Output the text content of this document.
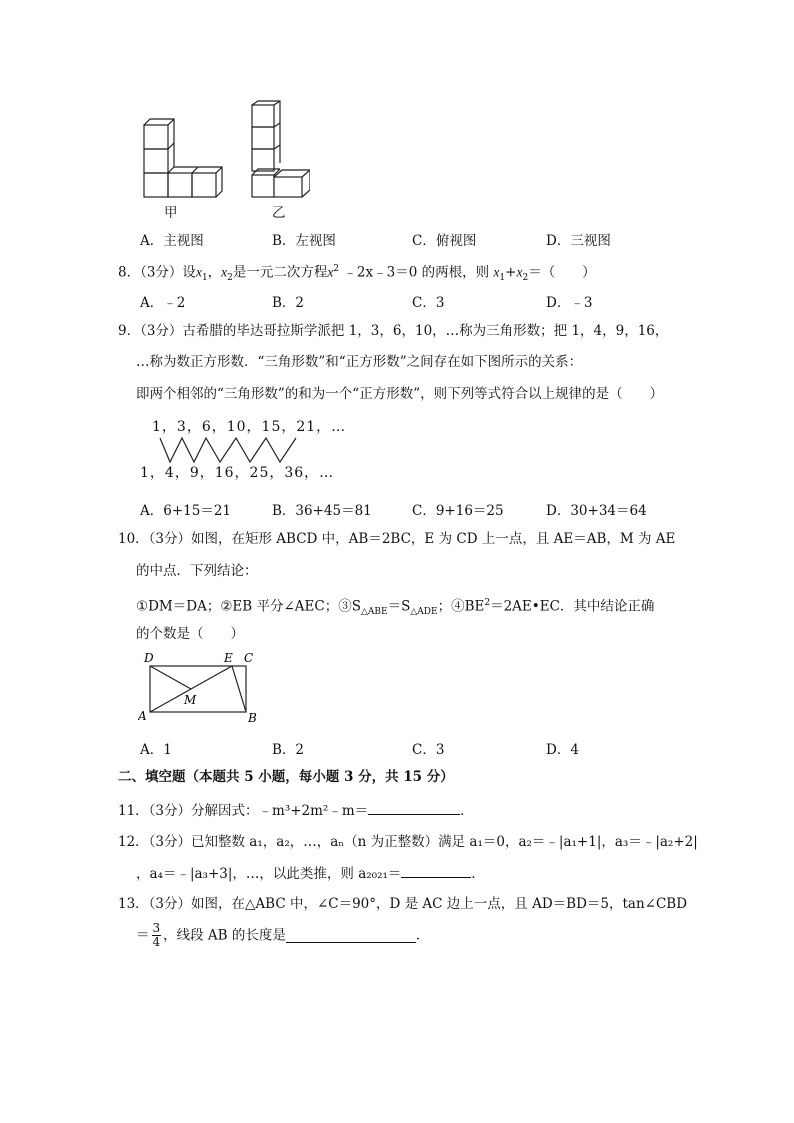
甲	乙
A．主视图	B．左视图	C．俯视图	D．三视图
8．（3分）设$x_1$，$x_2$是一元二次方程$x^2$ ﹣2x﹣3＝0 的两根，则 $x_1+x_2=$（　　）
A．﹣2	B．2	C．3	D．﹣3
9．（3分）古希腊的毕达哥拉斯学派把 1，3，6，10，…称为三角形数；把 1，4，9，16，
…称为数正方形数．“三角形数”和“正方形数”之间存在如下图所示的关系：
即两个相邻的“三角形数”的和为一个“正方形数”，则下列等式符合以上规律的是（　　）
1，3，6，10，15，21，…
1，4，9，16，25，36，…
A．6+15＝21	B．36+45＝81	C．9+16＝25	D．30+34＝64
10．（3分）如图，在矩形 ABCD 中，AB＝2BC，E 为 CD 上一点，且 AE＝AB，M 为 AE
的中点．下列结论：
①DM＝DA；②EB 平分∠AEC；$③S_{\triangle ABE}=S_{\triangle ADE}$；$④BE^2=2AE•EC$．其中结论正确
的个数是（　　）
D	E C
A	B
M
A．1	B．2	C．3	D．4
二、填空题（本题共 5 小题，每小题 3 分，共 15 分）
11．（3分）分解因式：﹣m³+2m²﹣m＝	．
12．（3分）已知整数 a₁，a₂，…，aₙ（n 为正整数）满足 a₁＝0，a₂＝﹣|a₁+1|，a₃＝﹣|a₂+2|
，a₄＝﹣|a₃+3|，…，以此类推，则 a₂₀₂₁＝	．
13．（3分）如图，在△ABC 中，∠C＝90°，D 是 AC 边上一点，且 AD＝BD＝5，tan∠CBD
＝ $\frac{3}{4}$ ，线段 AB 的长度是	．
